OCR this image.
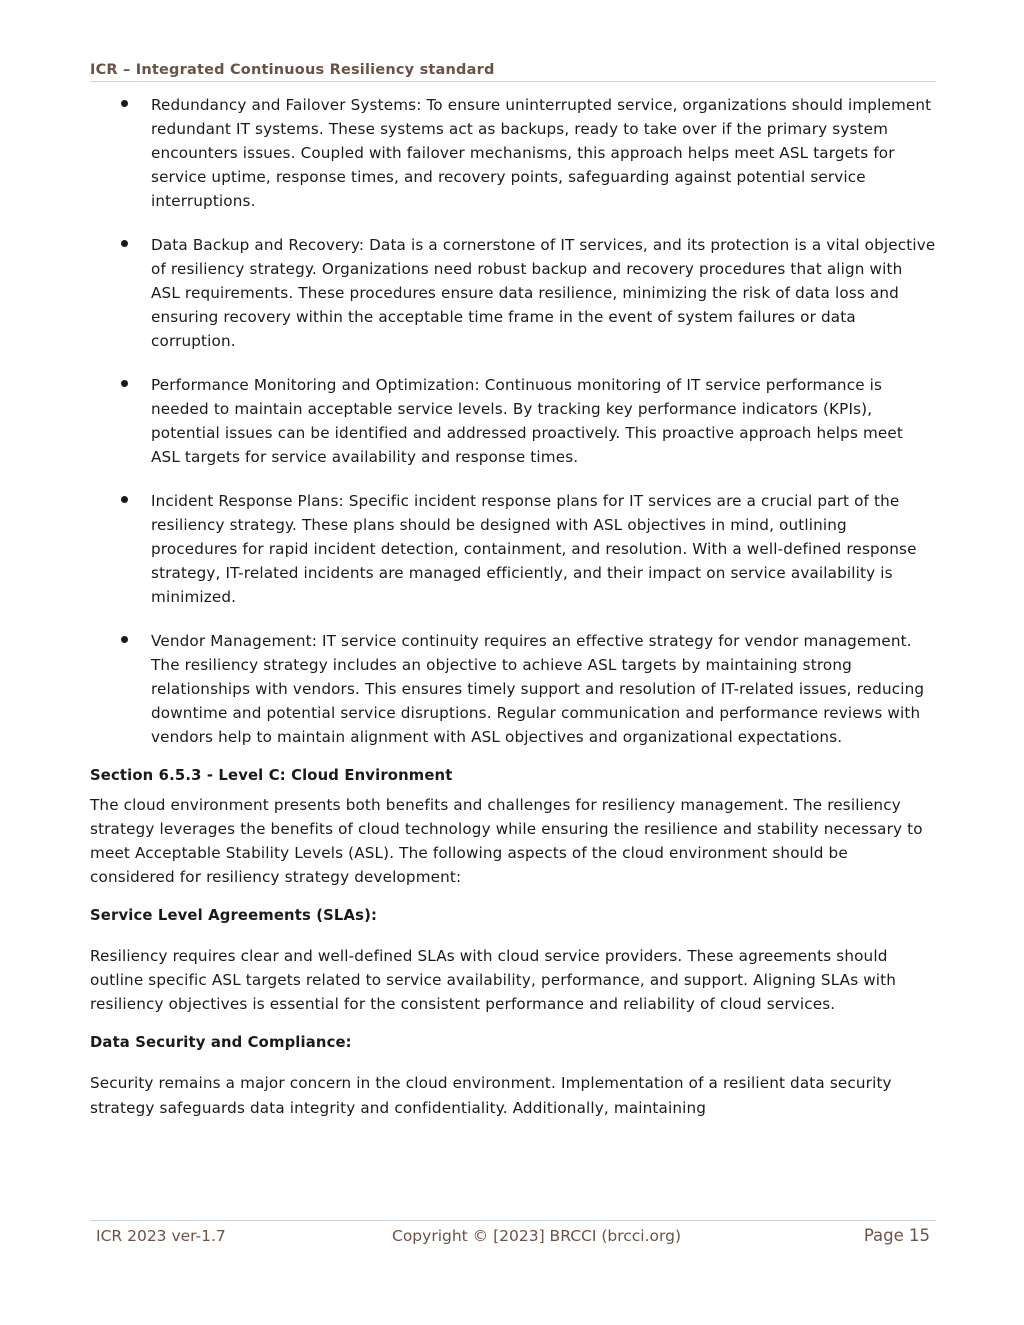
ICR – Integrated Continuous Resiliency standard
Redundancy and Failover Systems: To ensure uninterrupted service, organizations should implement redundant IT systems. These systems act as backups, ready to take over if the primary system encounters issues. Coupled with failover mechanisms, this approach helps meet ASL targets for service uptime, response times, and recovery points, safeguarding against potential service interruptions.
Data Backup and Recovery: Data is a cornerstone of IT services, and its protection is a vital objective of resiliency strategy. Organizations need robust backup and recovery procedures that align with ASL requirements. These procedures ensure data resilience, minimizing the risk of data loss and ensuring recovery within the acceptable time frame in the event of system failures or data corruption.
Performance Monitoring and Optimization: Continuous monitoring of IT service performance is needed to maintain acceptable service levels. By tracking key performance indicators (KPIs), potential issues can be identified and addressed proactively. This proactive approach helps meet ASL targets for service availability and response times.
Incident Response Plans: Specific incident response plans for IT services are a crucial part of the resiliency strategy. These plans should be designed with ASL objectives in mind, outlining procedures for rapid incident detection, containment, and resolution. With a well-defined response strategy, IT-related incidents are managed efficiently, and their impact on service availability is minimized.
Vendor Management: IT service continuity requires an effective strategy for vendor management. The resiliency strategy includes an objective to achieve ASL targets by maintaining strong relationships with vendors. This ensures timely support and resolution of IT-related issues, reducing downtime and potential service disruptions. Regular communication and performance reviews with vendors help to maintain alignment with ASL objectives and organizational expectations.
Section 6.5.3 - Level C: Cloud Environment

The cloud environment presents both benefits and challenges for resiliency management. The resiliency strategy leverages the benefits of cloud technology while ensuring the resilience and stability necessary to meet Acceptable Stability Levels (ASL). The following aspects of the cloud environment should be considered for resiliency strategy development:

Service Level Agreements (SLAs):

Resiliency requires clear and well-defined SLAs with cloud service providers. These agreements should outline specific ASL targets related to service availability, performance, and support. Aligning SLAs with resiliency objectives is essential for the consistent performance and reliability of cloud services.

Data Security and Compliance:

Security remains a major concern in the cloud environment. Implementation of a resilient data security strategy safeguards data integrity and confidentiality. Additionally, maintaining

ICR 2023 ver-1.7	Copyright © [2023] BRCCI (brcci.org)	Page 15
